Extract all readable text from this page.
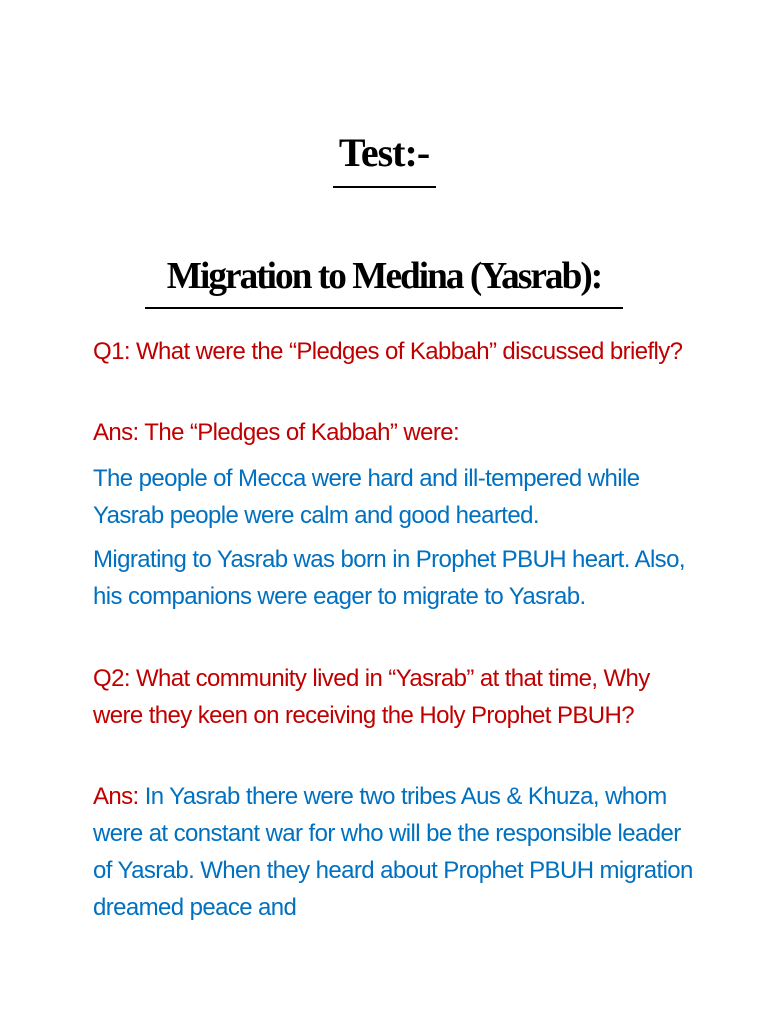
Test:-
Migration to Medina (Yasrab):

Q1: What were the “Pledges of Kabbah” discussed briefly?

Ans: The “Pledges of Kabbah” were:

The people of Mecca were hard and ill-tempered while Yasrab people were calm and good hearted.

Migrating to Yasrab was born in Prophet PBUH heart. Also, his companions were eager to migrate to Yasrab.

Q2: What community lived in “Yasrab” at that time, Why were they keen on receiving the Holy Prophet PBUH?

Ans: In Yasrab there were two tribes Aus & Khuza, whom were at constant war for who will be the responsible leader of Yasrab. When they heard about Prophet PBUH migration dreamed peace and
